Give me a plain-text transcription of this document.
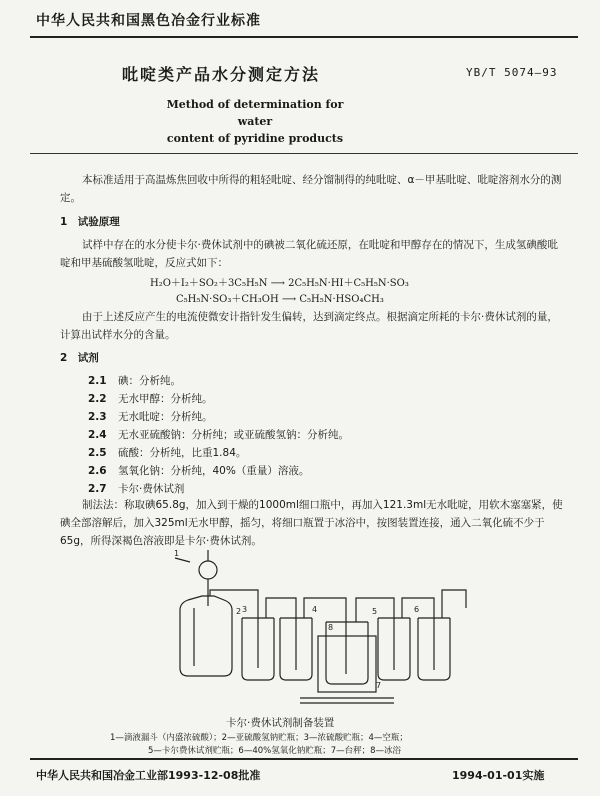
中华人民共和国黑色冶金行业标准
吡啶类产品水分测定方法	YB/T 5074—93
Method of determination for water
content of pyridine products
本标准适用于高温炼焦回收中所得的粗轻吡啶、经分馏制得的纯吡啶、α－甲基吡啶、吡啶溶剂水分的测定。
1　试验原理
试样中存在的水分使卡尔·费休试剂中的碘被二氧化硫还原，在吡啶和甲醇存在的情况下，生成氢碘酸吡啶和甲基硫酸氢吡啶，反应式如下：
H₂O＋I₂＋SO₂＋3C₅H₅N ⟶ 2C₅H₅N·HI＋C₅H₅N·SO₃
C₅H₅N·SO₃＋CH₃OH ⟶ C₅H₅N·HSO₄CH₃
由于上述反应产生的电流使微安计指针发生偏转，达到滴定终点。根据滴定所耗的卡尔·费休试剂的量，计算出试样水分的含量。
2　试剂
2.1 碘：分析纯。
2.2 无水甲醇：分析纯。
2.3 无水吡啶：分析纯。
2.4 无水亚硫酸钠：分析纯；或亚硫酸氢钠：分析纯。
2.5 硫酸：分析纯，比重1.84。
2.6 氢氧化钠：分析纯，40%（重量）溶液。
2.7 卡尔·费休试剂
制法法：称取碘65.8g，加入到干燥的1000ml细口瓶中，再加入121.3ml无水吡啶，用软木塞塞紧，使碘全部溶解后，加入325ml无水甲醇，摇匀，将细口瓶置于冰浴中，按图装置连接，通入二氧化硫不少于65g，所得深褐色溶液即是卡尔·费休试剂。
1
2 3	4	5	6
7
8
卡尔·费休试剂制备装置
1—滴液漏斗（内盛浓硫酸）；2—亚硫酸氢钠贮瓶；3—浓硫酸贮瓶；4—空瓶；
5—卡尔费休试剂贮瓶；6—40%氢氧化钠贮瓶；7—台秤；8—冰浴
中华人民共和国冶金工业部1993-12-08批准	1994-01-01实施
